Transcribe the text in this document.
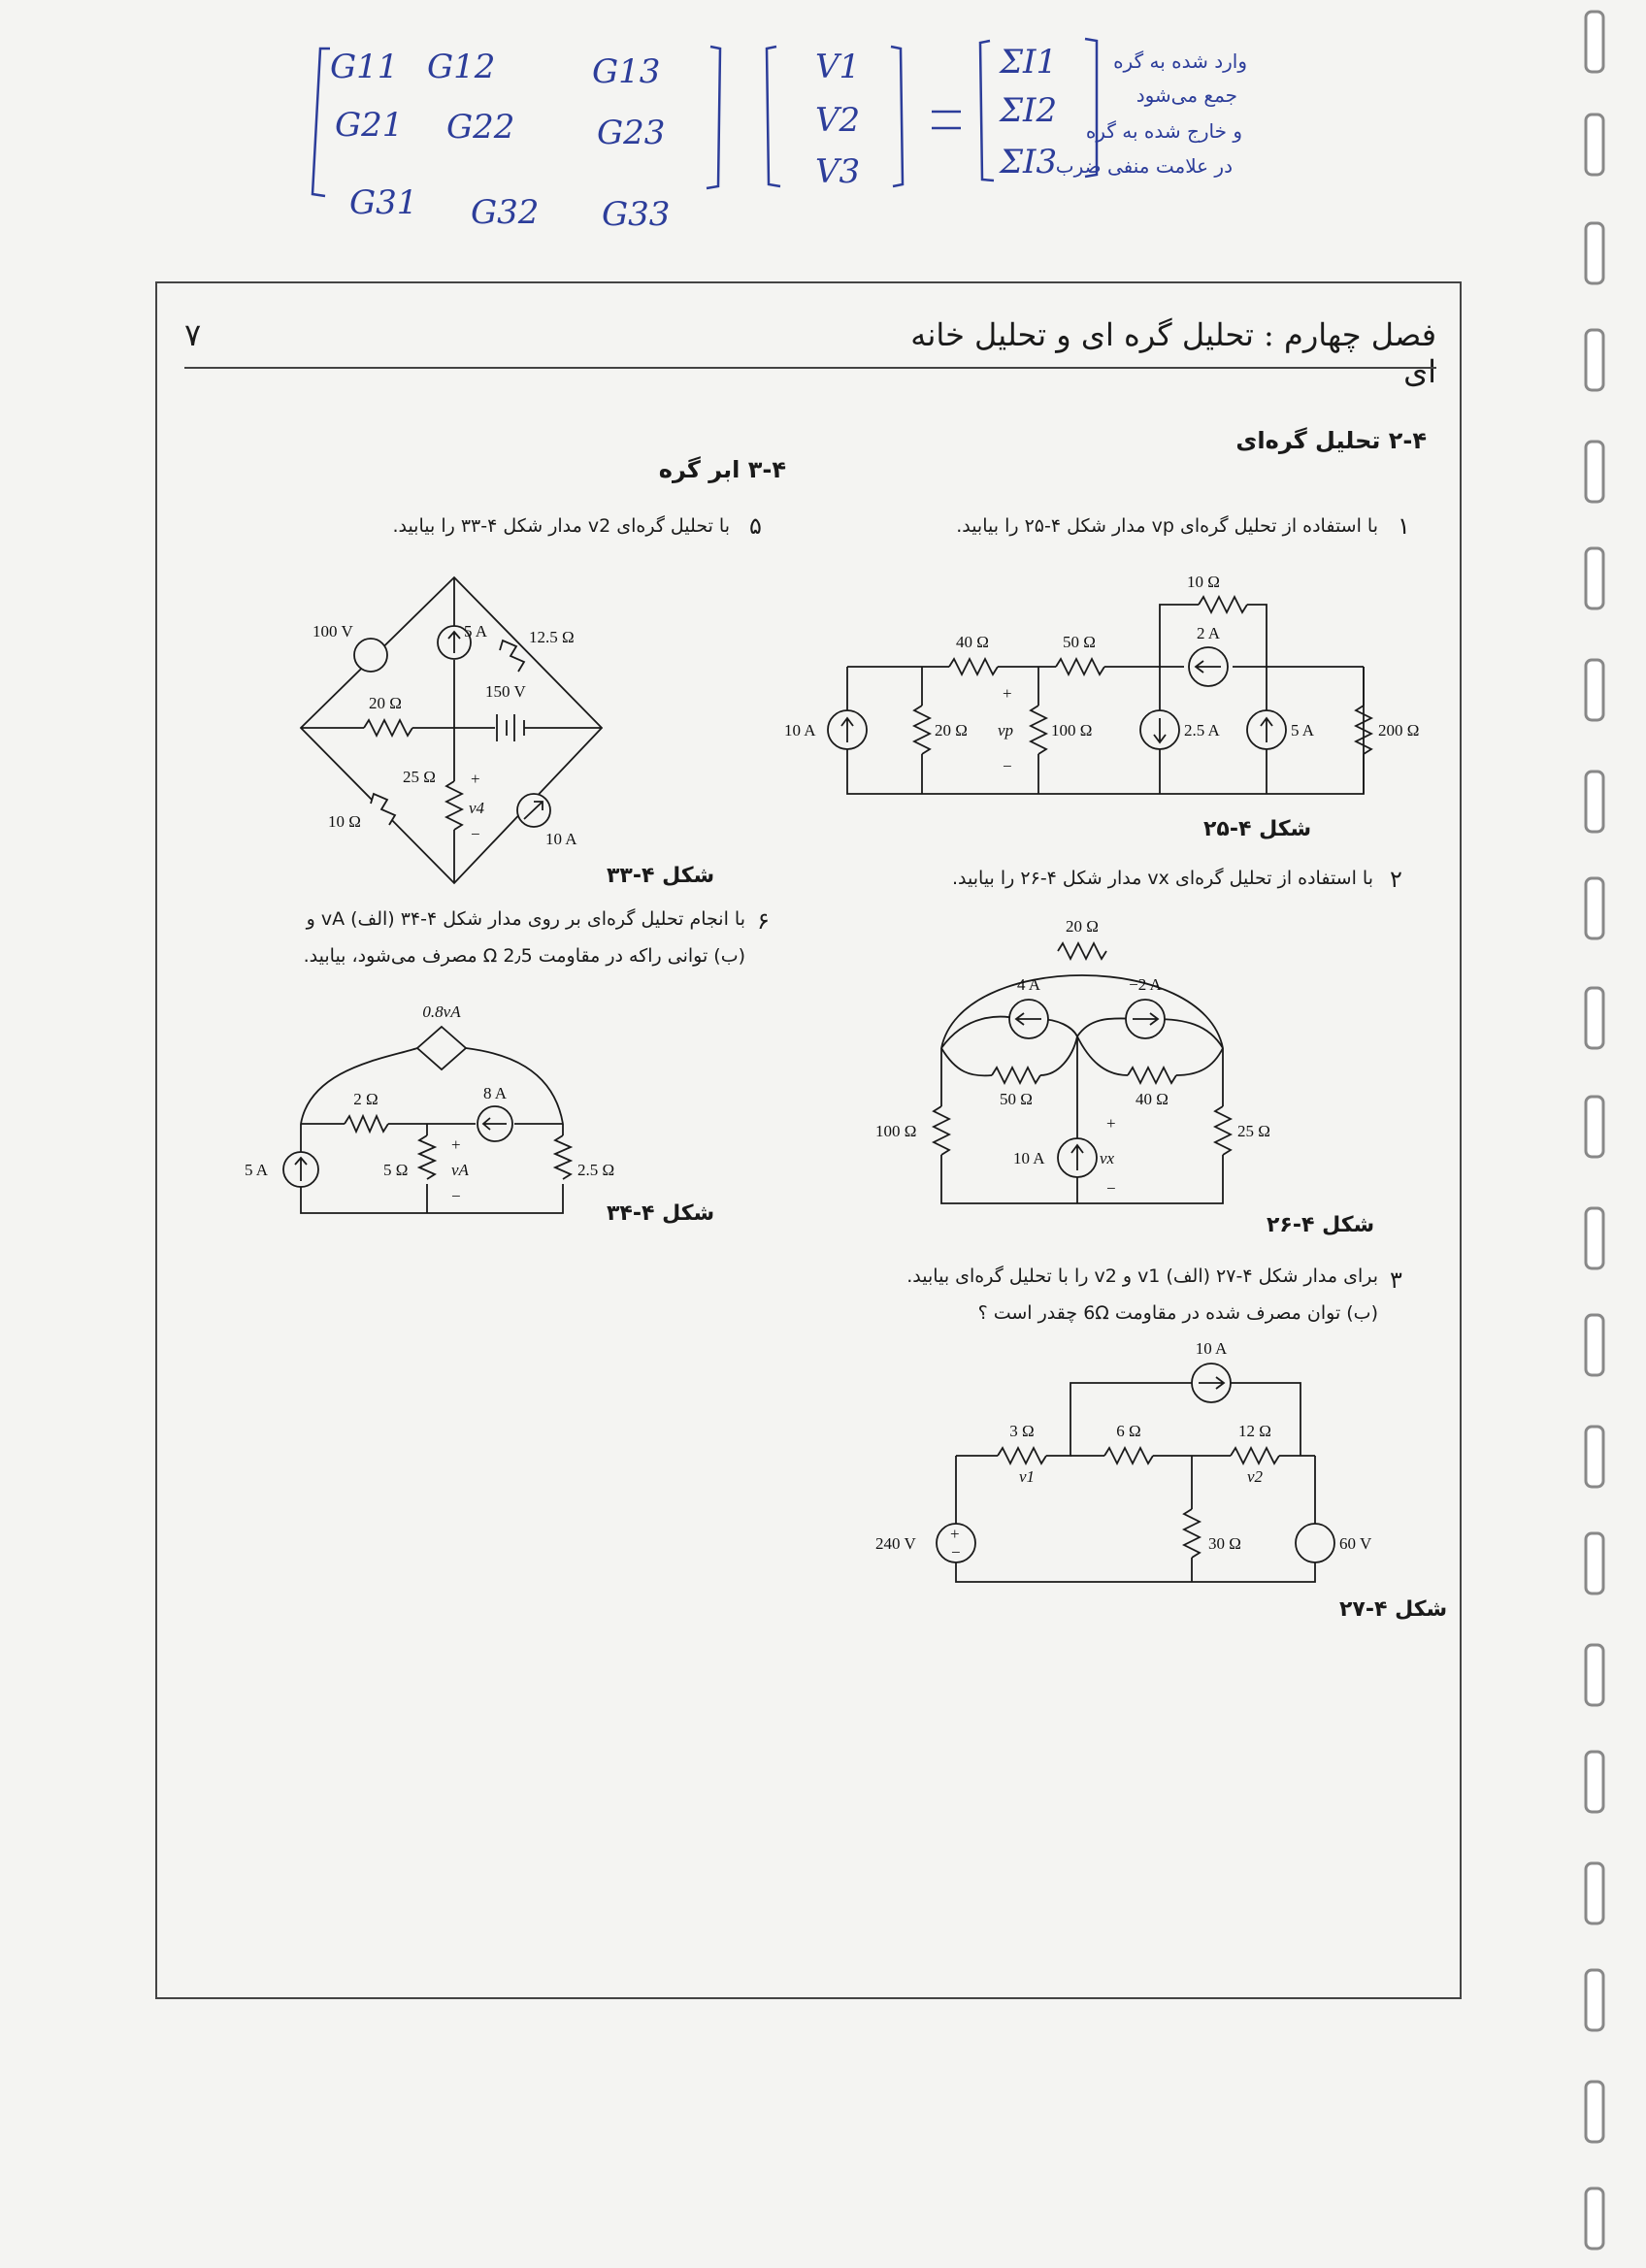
G11 G12	G13
G21 G22 G23
G31 G32 G33
V1
V2
V3
ΣI1
ΣI2
ΣI3
وارد شده به گره
جمع می‌شود
و خارج شده به گره
در علامت منفی ضرب
۷	فصل چهارم : تحلیل گره ای و تحلیل خانه ای
۲-۴ تحلیل گره‌ای
۱
با استفاده از تحلیل گره‌ای vp مدار شکل ۴-۲۵ را بیابید.
10 Ω
40 Ω	50 Ω	2 A
10 A	20 Ω vp 100 Ω	2.5 A	5 A	200 Ω
+
−
شکل ۴-۲۵
۲
با استفاده از تحلیل گره‌ای vx مدار شکل ۴-۲۶ را بیابید.
20 Ω
4 A	−2 A
50 Ω	40 Ω
100 Ω	25 Ω
10 A	vx
+
−
شکل ۴-۲۶
۳
برای مدار شکل ۴-۲۷ (الف) v1 و v2 را با تحلیل گره‌ای بیابید.
(ب) توان مصرف شده در مقاومت 6Ω چقدر است ؟
10 A
3 Ω	6 Ω	12 Ω
v1	v2
240 V	30 Ω	60 V
+
−
شکل ۴-۲۷
۳-۴ ابر گره
۵
با تحلیل گره‌ای v2 مدار شکل ۴-۳۳ را بیابید.
100 V	5 A	12.5 Ω
150 V
20 Ω
25 Ω
v4
10 Ω
10 A
+
−
شکل ۴-۳۳
۶
با انجام تحلیل گره‌ای بر روی مدار شکل ۴-۳۴ (الف) vA و
(ب) توانی راکه در مقاومت Ω 2٫5 مصرف می‌شود، بیابید.
0.8vA
2 Ω	8 A
5 A	5 Ω	vA	2.5 Ω
+
−
شکل ۴-۳۴
